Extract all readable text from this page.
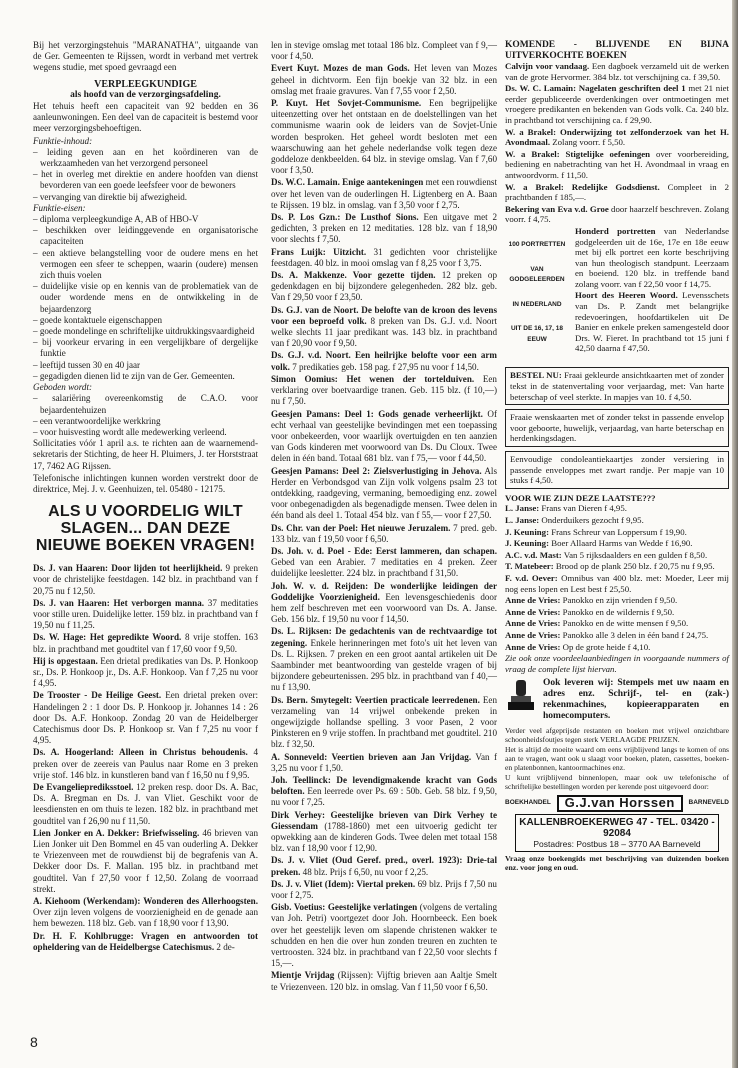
Bij het verzorgingstehuis "MARANATHA", uitgaande van de Ger. Gemeenten te Rijssen, wordt in verband met vertrek wegens studie, met spoed gevraagd een

VERPLEEGKUNDIGE
als hoofd van de verzorgingsafdeling.

Het tehuis heeft een capaciteit van 92 bedden en 36 aanleunwoningen. Een deel van de capaciteit is bestemd voor meer verzorgingsbehoeftigen.

Funktie-inhoud:
– leiding geven aan en het koördineren van de werkzaamheden van het verzorgend personeel
– het in overleg met direktie en andere hoofden van dienst bevorderen van een goede leefsfeer voor de bewoners
– vervanging van direktie bij afwezigheid.
Funktie-eisen:
– diploma verpleegkundige A, AB of HBO-V
– beschikken over leidinggevende en organisatorische capaciteiten
– een aktieve belangstelling voor de oudere mens en het vermogen een sfeer te scheppen, waarin (oudere) mensen zich thuis voelen
– duidelijke visie op en kennis van de problematiek van de ouder wordende mens en de ontwikkeling in de bejaardenzorg
– goede kontaktuele eigenschappen
– goede mondelinge en schriftelijke uitdrukkingsvaardigheid
– bij voorkeur ervaring in een vergelijkbare of dergelijke funktie
– leeftijd tussen 30 en 40 jaar
– gegadigden dienen lid te zijn van de Ger. Gemeenten.
Geboden wordt:
– salariëring overeenkomstig de C.A.O. voor bejaardentehuizen
– een verantwoordelijke werkkring
– voor huisvesting wordt alle medewerking verleend.

Sollicitaties vóór 1 april a.s. te richten aan de waarnemend-sekretaris der Stichting, de heer H. Pluimers, J. ter Horststraat 17, 7462 AG Rijssen.

Telefonische inlichtingen kunnen worden verstrekt door de direktrice, Mej. J. v. Geenhuizen, tel. 05480 - 12175.

ALS U VOORDELIG WILT SLAGEN... DAN DEZE NIEUWE BOEKEN VRAGEN!

Ds. J. van Haaren: Door lijden tot heerlijkheid. 9 preken voor de christelijke feestdagen. 142 blz. in prachtband van f 20,75 nu f 12,50.

Ds. J. van Haaren: Het verborgen manna. 37 meditaties voor stille uren. Duidelijke letter. 159 blz. in prachtband van f 19,50 nu f 11,25.

Ds. W. Hage: Het gepredikte Woord. 8 vrije stoffen. 163 blz. in prachtband met goudtitel van f 17,60 voor f 9,50.

Hij is opgestaan. Een drietal predikaties van Ds. P. Honkoop sr., Ds. P. Honkoop jr., Ds. A.F. Honkoop. Van f 7,25 nu voor f 4,95.

De Trooster - De Heilige Geest. Een drietal preken over: Handelingen 2 : 1 door Ds. P. Honkoop jr. Johannes 14 : 26 door Ds. A.F. Honkoop. Zondag 20 van de Heidelberger Catechismus door Ds. P. Honkoop sr. Van f 7,25 nu voor f 4,95.

Ds. A. Hoogerland: Alleen in Christus behoudenis. 4 preken over de zeereis van Paulus naar Rome en 3 preken vrije stof. 146 blz. in kunstleren band van f 16,50 nu f 9,95.

De Evangelieprediksstoel. 12 preken resp. door Ds. A. Bac, Ds. A. Bregman en Ds. J. van Vliet. Geschikt voor de leesdiensten en om thuis te lezen. 182 blz. in prachtband met goudtitel van f 26,90 nu f 11,50.

Lien Jonker en A. Dekker: Briefwisseling. 46 brieven van Lien Jonker uit Den Bommel en 45 van ouderling A. Dekker te Vriezenveen met de rouwdienst bij de begrafenis van A. Dekker door Ds. F. Mallan. 195 blz. in prachtband met goudtitel. Van f 27,50 voor f 12,50. Zolang de voorraad strekt.

A. Kiehoom (Werkendam): Wonderen des Allerhoogsten. Over zijn leven volgens de voorzienigheid en de genade aan hem bewezen. 118 blz. Geb. van f 18,90 voor f 13,90.

Dr. H. F. Kohlbrugge: Vragen en antwoorden tot opheldering van de Heidelbergse Catechismus. 2 de-

len in stevige omslag met totaal 186 blz. Compleet van f 9,— voor f 4,50.

Evert Kuyt. Mozes de man Gods. Het leven van Mozes geheel in dichtvorm. Een fijn boekje van 32 blz. in een omslag met fraaie gravures. Van f 7,55 voor f 2,50.

P. Kuyt. Het Sovjet-Communisme. Een begrijpelijke uiteenzetting over het ontstaan en de doelstellingen van het communisme waarin ook de leiders van de Sovjet-Unie worden besproken. Het geheel wordt besloten met een waarschuwing aan het gehele nederlandse volk tegen deze goddeloze denkbeelden. 64 blz. in stevige omslag. Van f 7,60 voor f 3,50.

Ds. W.C. Lamain. Enige aantekeningen met een rouwdienst over het leven van de ouderlingen H. Ligtenberg en A. Baan te Rijssen. 19 blz. in omslag. van f 3,50 voor f 2,75.

Ds. P. Los Gzn.: De Lusthof Sions. Een uitgave met 2 gedichten, 3 preken en 12 meditaties. 128 blz. van f 18,90 voor slechts f 7,50.

Frans Luijk: Uitzicht. 31 gedichten voor christelijke feestdagen. 40 blz. in mooi omslag van f 8,25 voor f 3,75.

Ds. A. Makkenze. Voor gezette tijden. 12 preken op gedenkdagen en bij bijzondere gelegenheden. 282 blz. geb. Van f 29,50 voor f 23,50.

Ds. G.J. van de Noort. De belofte van de kroon des levens voor een beproefd volk. 8 preken van Ds. G.J. v.d. Noort welke slechts 11 jaar predikant was. 143 blz. in prachtband van f 20,90 voor f 9,50.

Ds. G.J. v.d. Noort. Een heilrijke belofte voor een arm volk. 7 predikaties geb. 158 pag. f 27,95 nu voor f 14,50.

Simon Oomius: Het wenen der tortelduiven. Een verklaring over boetvaardige tranen. Geb. 115 blz. (f 10,—) nu f 7,50.

Geesjen Pamans: Deel 1: Gods genade verheerlijkt. Of echt verhaal van geestelijke bevindingen met een toepassing voor onbekeerden, voor waarlijk overtuigden en ten aanzien van Gods kinderen met voorwoord van Ds. Du Cloux. Twee delen in één band. Totaal 681 blz. van f 75,— voor f 44,50.

Geesjen Pamans: Deel 2: Zielsverlustiging in Jehova. Als Herder en Verbondsgod van Zijn volk volgens psalm 23 tot ontdekking, raadgeving, vermaning, bemoediging enz. zowel voor onbegenadigden als begenadigde mensen. Twee delen in één band als deel 1. Totaal 454 blz. van f 55,— voor f 27,50.

Ds. Chr. van der Poel: Het nieuwe Jeruzalem. 7 pred. geb. 133 blz. van f 19,50 voor f 6,50.

Ds. Joh. v. d. Poel - Ede: Eerst lammeren, dan schapen. Gebed van een Arabier. 7 meditaties en 4 preken. Zeer duidelijke leesletter. 224 blz. in prachtband f 31,50.

Joh. W. v. d. Reijden: De wonderlijke leidingen der Goddelijke Voorzienigheid. Een levensgeschiedenis door hem zelf beschreven met een voorwoord van Ds. A. Janse. Geb. 156 blz. f 19,50 nu voor f 14,50.

Ds. L. Rijksen: De gedachtenis van de rechtvaardige tot zegening. Enkele herinneringen met foto's uit het leven van Ds. L. Rijksen. 7 preken en een groot aantal artikelen uit De Saambinder met beantwoording van gestelde vragen of bij bijzondere gebeurtenissen. 295 blz. in prachtband van f 40,— nu f 13,90.

Ds. Bern. Smytegelt: Veertien practicale leerredenen. Een verzameling van 14 vrijwel onbekende preken in ongewijzigde hollandse spelling. 3 voor Pasen, 2 voor Pinksteren en 9 vrije stoffen. In prachtband met goudtitel. 210 blz. f 32,50.

A. Sonneveld: Veertien brieven aan Jan Vrijdag. Van f 3,25 nu voor f 1,50.

Joh. Teellinck: De levendigmakende kracht van Gods beloften. Een leerrede over Ps. 69 : 50b. Geb. 58 blz. f 9,50, nu voor f 7,25.

Dirk Verhey: Geestelijke brieven van Dirk Verhey te Giessendam (1788-1860) met een uitvoerig gedicht ter opwekking aan de kinderen Gods. Twee delen met totaal 158 blz. van f 18,90 voor f 12,90.

Ds. J. v. Vliet (Oud Geref. pred., overl. 1923): Drie-tal preken. 48 blz. Prijs f 6,50, nu voor f 2,25.

Ds. J. v. Vliet (Idem): Viertal preken. 69 blz. Prijs f 7,50 nu voor f 2,75.

Gisb. Voetius: Geestelijke verlatingen (volgens de vertaling van Joh. Petri) voortgezet door Joh. Hoornbeeck. Een boek over het geestelijk leven om slapende christenen wakker te schudden en hen die over hun zonden treuren en zuchten te vertroosten. 324 blz. in prachtband van f 22,50 voor slechts f 15,—.

Mientje Vrijdag (Rijssen): Vijftig brieven aan Aaltje Smelt te Vriezenveen. 120 blz. in omslag. Van f 11,50 voor f 6,50.

KOMENDE - BLIJVENDE EN BIJNA UITVERKOCHTE BOEKEN

Calvijn voor vandaag. Een dagboek verzameld uit de werken van de grote Hervormer. 384 blz. tot verschijning ca. f 39,50.

Ds. W. C. Lamain: Nagelaten geschriften deel 1 met 21 niet eerder gepubliceerde overdenkingen over ontmoetingen met vroegere predikanten en bekenden van Gods volk. Ca. 240 blz. in prachtband tot verschijning ca. f 29,90.

W. a Brakel: Onderwijzing tot zelfonderzoek van het H. Avondmaal. Zolang voorr. f 5,50.

W. a Brakel: Stigtelijke oefeningen over voorbereiding, bediening en nabetrachting van het H. Avondmaal in vraag en antwoordvorm. f 11,50.

W. a Brakel: Redelijke Godsdienst. Compleet in 2 prachtbanden f 185,—.

Bekering van Eva v.d. Groe door haarzelf beschreven. Zolang voorr. f 4,75.

100 PORTRETTEN
VAN GODGELEERDEN
IN NEDERLAND
UIT DE 16, 17, 18 EEUW

Honderd portretten van Nederlandse godgeleerden uit de 16e, 17e en 18e eeuw met bij elk portret een korte beschrijving van hun theologisch standpunt. Leerzaam en boeiend. 120 blz. in treffende band zolang voorr. van f 22,50 voor f 14,75.

Hoort des Heeren Woord. Levensschets van Ds. P. Zandt met belangrijke redevoeringen, hoofdartikelen uit De Banier en enkele preken samengesteld door Drs. W. Fieret. In prachtband tot 15 juni f 42,50 daarna f 47,50.

BESTEL NU: Fraai gekleurde ansichtkaarten met of zonder tekst in de statenvertaling voor verjaardag, met: Van harte beterschap of veel sterkte. In mapjes van 10. f 4,50.
Fraaie wenskaarten met of zonder tekst in passende envelop voor geboorte, huwelijk, verjaardag, van harte beterschap en herdenkingsdagen.
Eenvoudige condoleantiekaartjes zonder versiering in passende enveloppes met zwart randje. Per mapje van 10 stuks f 4,50.
VOOR WIE ZIJN DEZE LAATSTE???

L. Janse: Frans van Dieren f 4,95.

L. Janse: Onderduikers gezocht f 9,95.

J. Keuning: Frans Schreur van Loppersum f 19,90.

J. Keuning: Boer Allaard Harms van Wedde f 16,90.

A.C. v.d. Mast: Van 5 rijksdaalders en een gulden f 8,50.

T. Matebeer: Brood op de plank 250 blz. f 20,75 nu f 9,95.

F. v.d. Oever: Omnibus van 400 blz. met: Moeder, Leer mij nog eens lopen en Lest best f 25,50.

Anne de Vries: Panokko en zijn vrienden f 9,50.

Anne de Vries: Panokko en de wildernis f 9,50.

Anne de Vries: Panokko en de witte mensen f 9,50.

Anne de Vries: Panokko alle 3 delen in één band f 24,75.

Anne de Vries: Op de grote heide f 4,10.

Zie ook onze voordeelaanbiedingen in voorgaande nummers of vraag de complete lijst hiervan.

Ook leveren wij: Stempels met uw naam en adres enz. Schrijf-, tel- en (zak-) rekenmachines, kopieerapparaten en homecomputers.

Verder veel afgeprijsde restanten en boeken met vrijwel onzichtbare schoonheidsfoutjes tegen sterk VERLAAGDE PRIJZEN.

Het is altijd de moeite waard om eens vrijblijvend langs te komen of ons aan te vragen, want ook u slaagt voor boeken, platen, cassettes, boeken- en platenbonnen, kantoormachines enz.

U kunt vrijblijvend binnenlopen, maar ook uw telefonische of schriftelijke bestellingen worden per kerende post uitgevoerd door:

BOEKHANDEL	G.J.van Horssen	BARNEVELD
KALLENBROEKERWEG 47 - TEL. 03420 - 92084
Postadres: Postbus 18 – 3770 AA Barneveld

Vraag onze boekengids met beschrijving van duizenden boeken enz. voor jong en oud.

8
